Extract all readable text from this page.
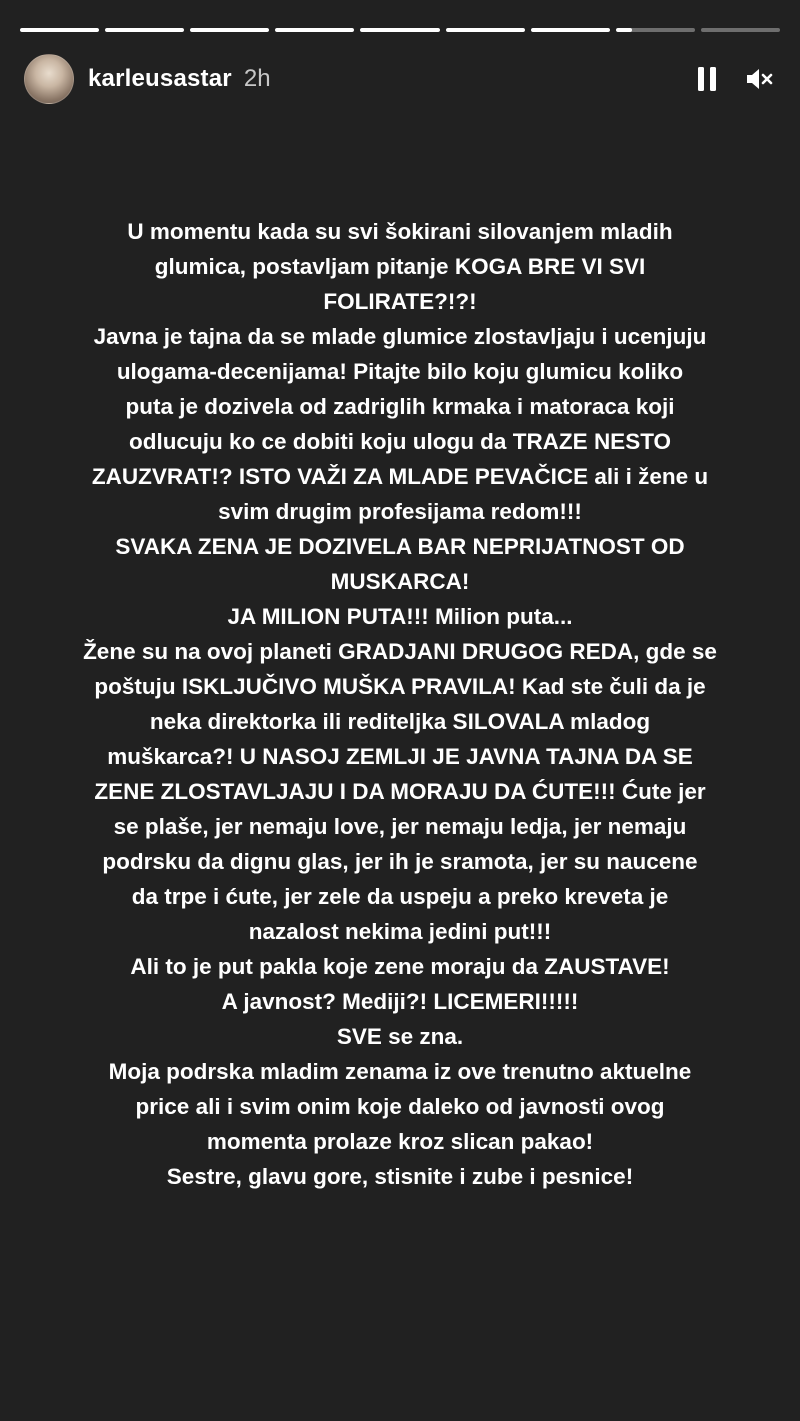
karleusastar 2h
U momentu kada su svi šokirani silovanjem mladih
glumica, postavljam pitanje KOGA BRE VI SVI
FOLIRATE?!?!
Javna je tajna da se mlade glumice zlostavljaju i ucenjuju
ulogama-decenijama! Pitajte bilo koju glumicu koliko
puta je dozivela od zadriglih krmaka i matoraca koji
odlucuju ko ce dobiti koju ulogu da TRAZE NESTO
ZAUZVRAT!? ISTO VAŽI ZA MLADE PEVAČICE ali i žene u
svim drugim profesijama redom!!!
SVAKA ZENA JE DOZIVELA BAR NEPRIJATNOST OD
MUSKARCA!
JA MILION PUTA!!! Milion puta...
Žene su na ovoj planeti GRADJANI DRUGOG REDA, gde se
poštuju ISKLJUČIVO MUŠKA PRAVILA! Kad ste čuli da je
neka direktorka ili rediteljka SILOVALA mladog
muškarca?! U NASOJ ZEMLJI JE JAVNA TAJNA DA SE
ZENE ZLOSTAVLJAJU I DA MORAJU DA ĆUTE!!! Ćute jer
se plaše, jer nemaju love, jer nemaju ledja, jer nemaju
podrsku da dignu glas, jer ih je sramota, jer su naucene
da trpe i ćute, jer zele da uspeju a preko kreveta je
nazalost nekima jedini put!!!
Ali to je put pakla koje zene moraju da ZAUSTAVE!
A javnost? Mediji?! LICEMERI!!!!!
SVE se zna.
Moja podrska mladim zenama iz ove trenutno aktuelne
price ali i svim onim koje daleko od javnosti ovog
momenta prolaze kroz slican pakao!
Sestre, glavu gore, stisnite i zube i pesnice!
